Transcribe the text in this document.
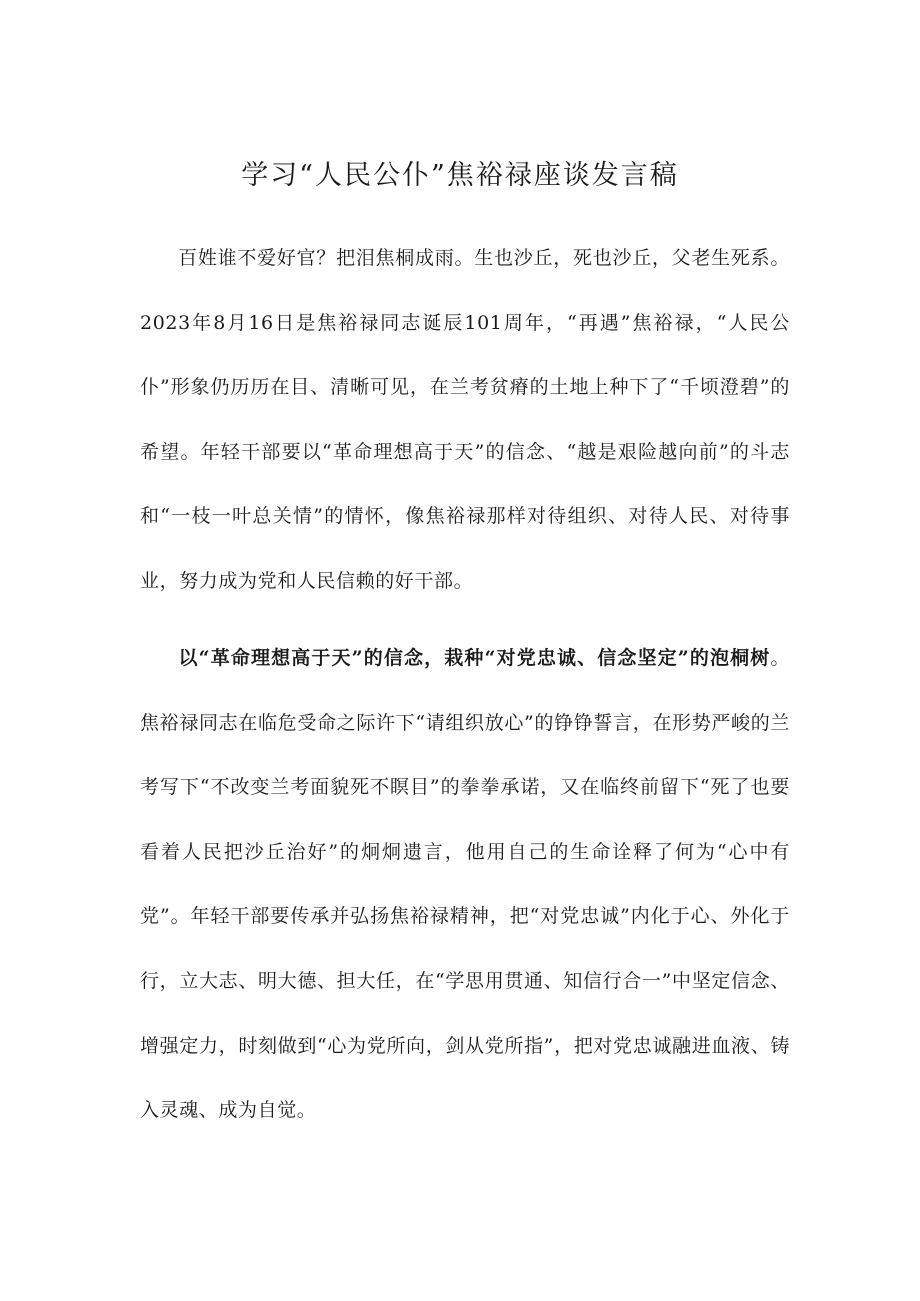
学习“人民公仆”焦裕禄座谈发言稿

百姓谁不爱好官？把泪焦桐成雨。生也沙丘，死也沙丘，父老生死系。2023年8月16日是焦裕禄同志诞辰101周年，“再遇”焦裕禄，“人民公仆”形象仍历历在目、清晰可见，在兰考贫瘠的土地上种下了“千顷澄碧”的希望。年轻干部要以“革命理想高于天”的信念、“越是艰险越向前”的斗志和“一枝一叶总关情”的情怀，像焦裕禄那样对待组织、对待人民、对待事业，努力成为党和人民信赖的好干部。

以“革命理想高于天”的信念，栽种“对党忠诚、信念坚定”的泡桐树。焦裕禄同志在临危受命之际许下“请组织放心”的铮铮誓言，在形势严峻的兰考写下“不改变兰考面貌死不瞑目”的拳拳承诺，又在临终前留下“死了也要看着人民把沙丘治好”的炯炯遗言，他用自己的生命诠释了何为“心中有党”。年轻干部要传承并弘扬焦裕禄精神，把“对党忠诚”内化于心、外化于行，立大志、明大德、担大任，在“学思用贯通、知信行合一”中坚定信念、增强定力，时刻做到“心为党所向，剑从党所指”，把对党忠诚融进血液、铸入灵魂、成为自觉。
